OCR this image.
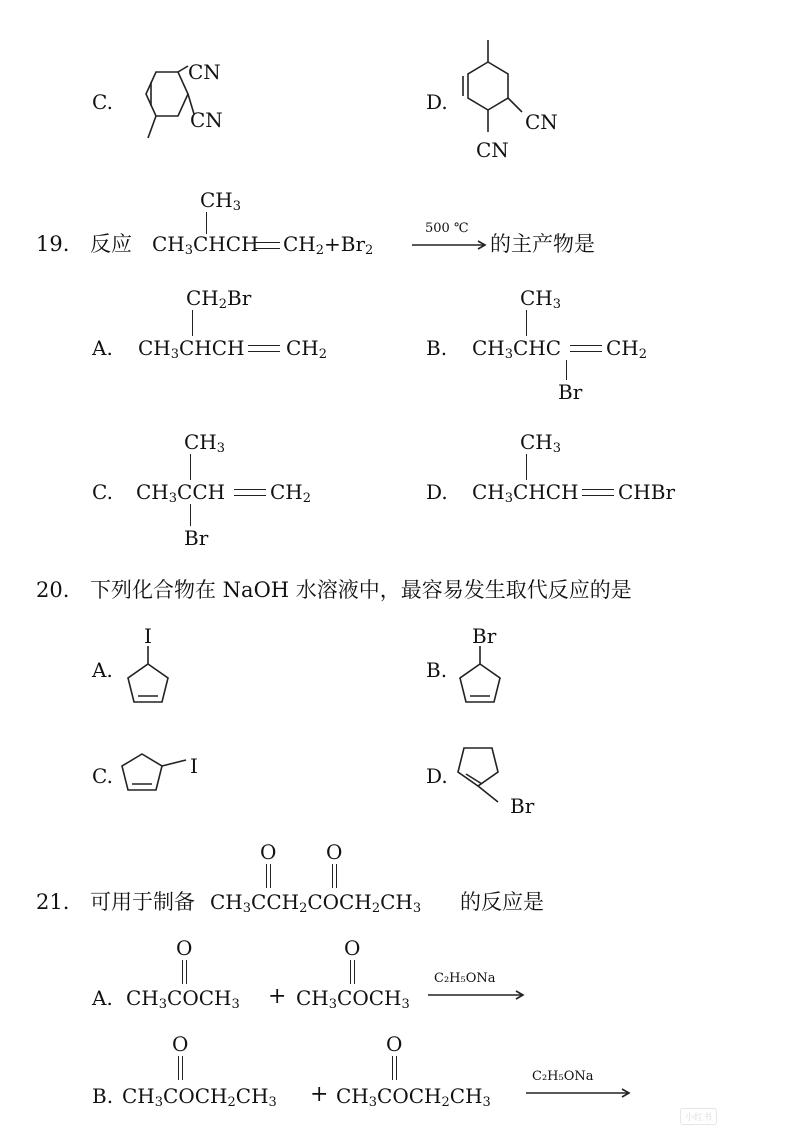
C.
CN
CN
D.
CN
CN
19. 反应
$CH_3$
$CH_3CHCH$ $CH_2+Br_2$
500 ℃
的主产物是
A.
$CH_2Br$
$CH_3CHCH$ $CH_2$	B.
$CH_3$
$CH_3CHC$ $CH_2$
Br
C.
$CH_3$
$CH_3CCH$ $CH_2$
Br
D.
$CH_3$
$CH_3CHCH$ CHBr
20. 下列化合物在 NaOH 水溶液中，最容易发生取代反应的是
A.
I
B.
Br
C.	I	D.
Br
21. 可用于制备
O O
$CH_3CCH_2COCH_2CH_3$ 的反应是
A.
O
$CH_3COCH_3$ +
O
$CH_3COCH_3$
C₂H₅ONa
B.
O
$CH_3COCH_2CH_3$ +
O
$CH_3COCH_2CH_3$
C₂H₅ONa
小红书
